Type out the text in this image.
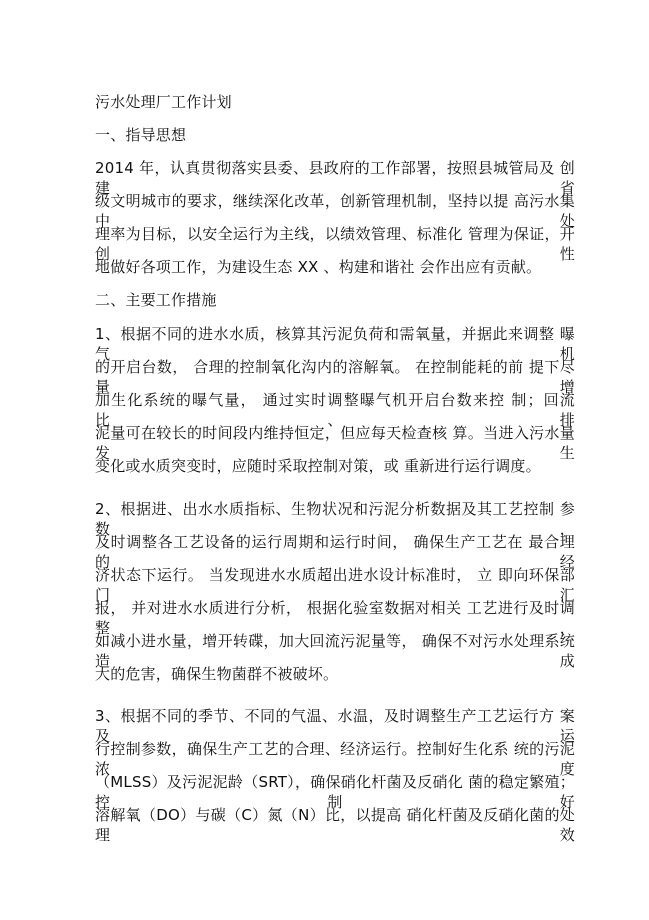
污水处理厂工作计划
一、指导思想
2014 年，认真贯彻落实县委、县政府的工作部署，按照县城管局及 创建省
级文明城市的要求，继续深化改革，创新管理机制，坚持以提 高污水集中处
理率为目标，以安全运行为主线，以绩效管理、标准化 管理为保证，开创性
地做好各项工作，为建设生态 XX 、构建和谐社 会作出应有贡献。
二、主要工作措施
1、根据不同的进水水质，核算其污泥负荷和需氧量，并据此来调整 曝气机
的开启台数， 合理的控制氧化沟内的溶解氧。 在控制能耗的前 提下尽量增
加生化系统的曝气量， 通过实时调整曝气机开启台数来控 制；回流比、排
泥量可在较长的时间段内维持恒定，但应每天检查核 算。当进入污水量发生
变化或水质突变时，应随时采取控制对策，或 重新进行运行调度。
2、根据进、出水水质指标、生物状况和污泥分析数据及其工艺控制 参数，
及时调整各工艺设备的运行周期和运行时间， 确保生产工艺在 最合理的经
济状态下运行。 当发现进水水质超出进水设计标准时， 立 即向环保部门汇
报， 并对进水水质进行分析， 根据化验室数据对相关 工艺进行及时调整，
如减小进水量，增开转碟，加大回流污泥量等， 确保不对污水处理系统造成
大的危害，确保生物菌群不被破坏。
3、根据不同的季节、不同的气温、水温，及时调整生产工艺运行方 案及运
行控制参数，确保生产工艺的合理、经济运行。控制好生化系 统的污泥浓度
（MLSS）及污泥泥龄（SRT），确保硝化杆菌及反硝化 菌的稳定繁殖；控制好
溶解氧（DO）与碳（C）氮（N）比，以提高 硝化杆菌及反硝化菌的处理效
